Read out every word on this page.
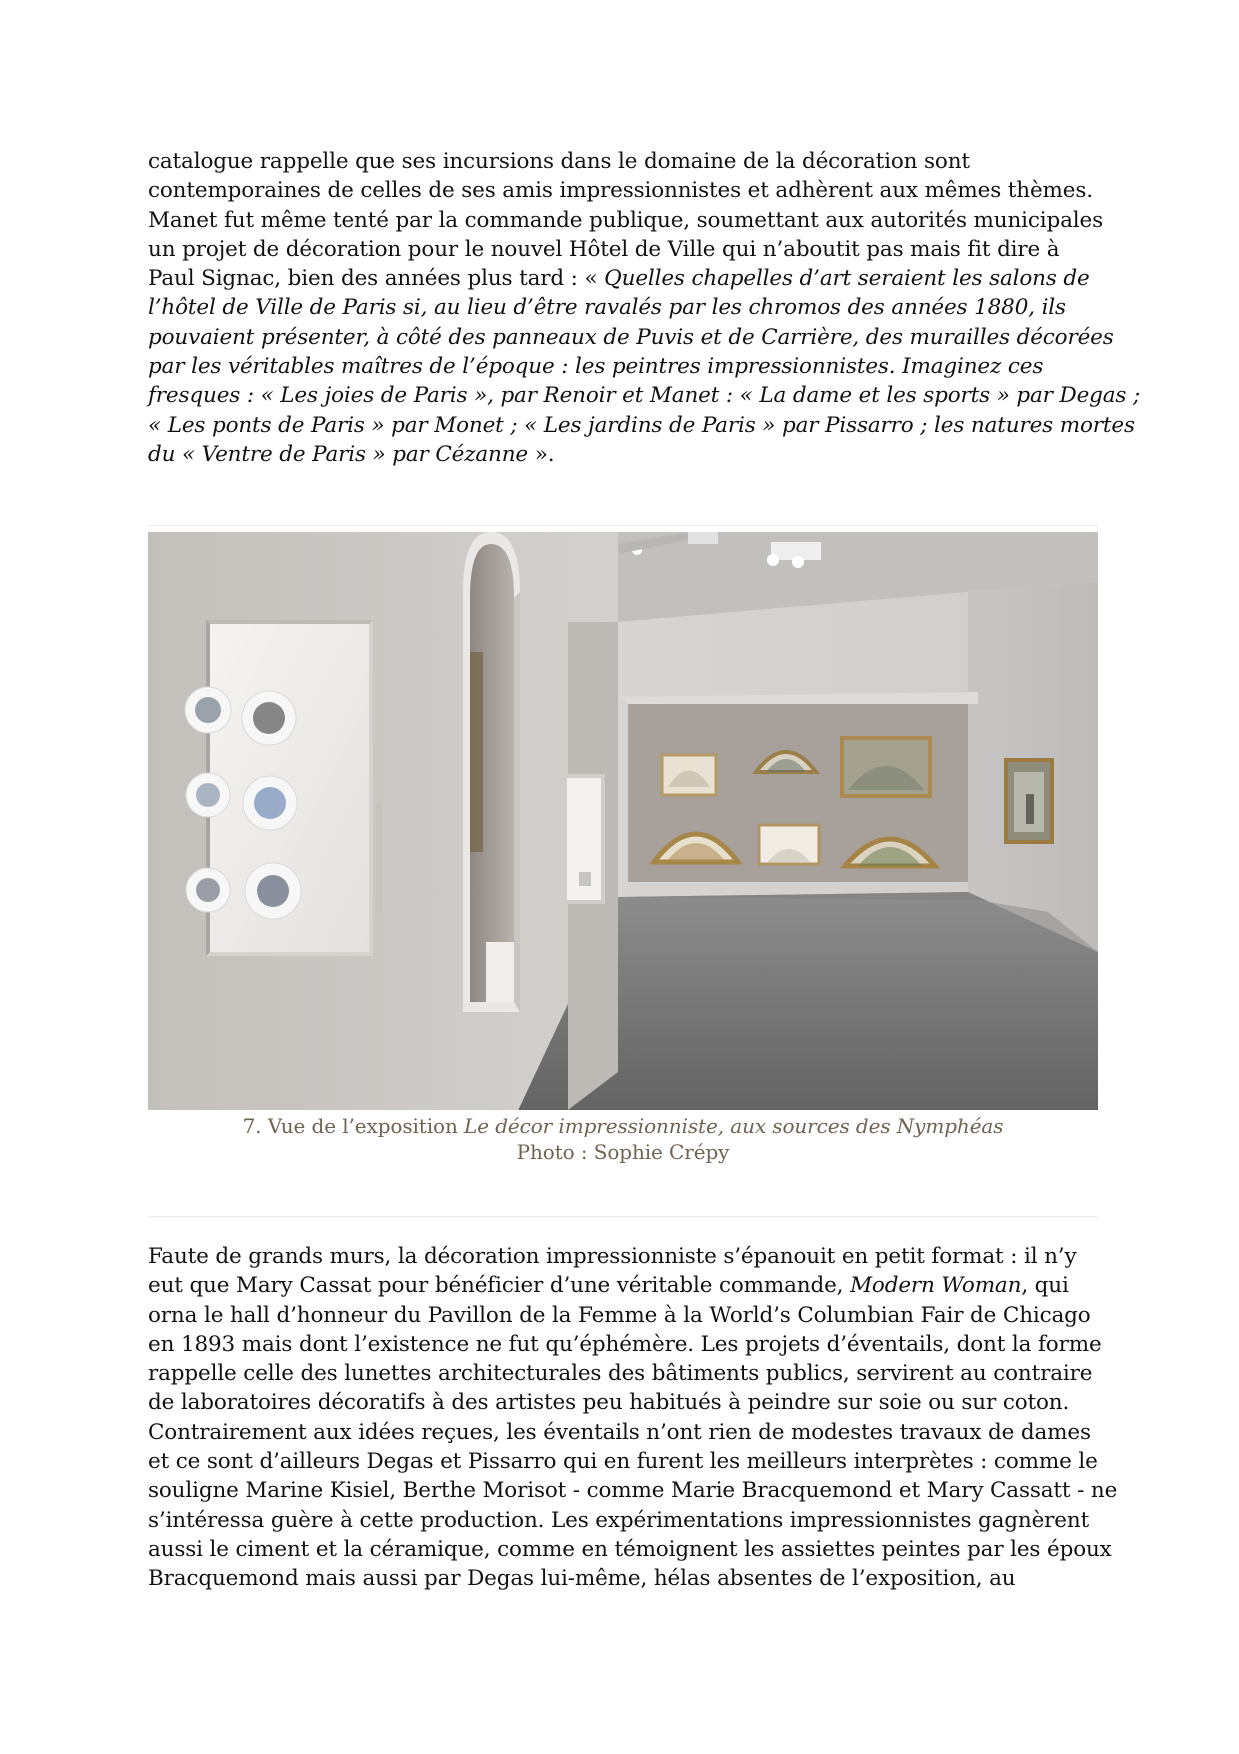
catalogue rappelle que ses incursions dans le domaine de la décoration sont
contemporaines de celles de ses amis impressionnistes et adhèrent aux mêmes thèmes.
Manet fut même tenté par la commande publique, soumettant aux autorités municipales
un projet de décoration pour le nouvel Hôtel de Ville qui n’aboutit pas mais fit dire à
Paul Signac, bien des années plus tard : « Quelles chapelles d’art seraient les salons de
l’hôtel de Ville de Paris si, au lieu d’être ravalés par les chromos des années 1880, ils
pouvaient présenter, à côté des panneaux de Puvis et de Carrière, des murailles décorées
par les véritables maîtres de l’époque : les peintres impressionnistes. Imaginez ces
fresques : « Les joies de Paris », par Renoir et Manet : « La dame et les sports » par Degas ;
« Les ponts de Paris » par Monet ; « Les jardins de Paris » par Pissarro ; les natures mortes
du « Ventre de Paris » par Cézanne ».
7. Vue de l’exposition Le décor impressionniste, aux sources des Nymphéas
Photo : Sophie Crépy
Faute de grands murs, la décoration impressionniste s’épanouit en petit format : il n’y
eut que Mary Cassat pour bénéficier d’une véritable commande, Modern Woman, qui
orna le hall d’honneur du Pavillon de la Femme à la World’s Columbian Fair de Chicago
en 1893 mais dont l’existence ne fut qu’éphémère. Les projets d’éventails, dont la forme
rappelle celle des lunettes architecturales des bâtiments publics, servirent au contraire
de laboratoires décoratifs à des artistes peu habitués à peindre sur soie ou sur coton.
Contrairement aux idées reçues, les éventails n’ont rien de modestes travaux de dames
et ce sont d’ailleurs Degas et Pissarro qui en furent les meilleurs interprètes : comme le
souligne Marine Kisiel, Berthe Morisot - comme Marie Bracquemond et Mary Cassatt - ne
s’intéressa guère à cette production. Les expérimentations impressionnistes gagnèrent
aussi le ciment et la céramique, comme en témoignent les assiettes peintes par les époux
Bracquemond mais aussi par Degas lui-même, hélas absentes de l’exposition, au
